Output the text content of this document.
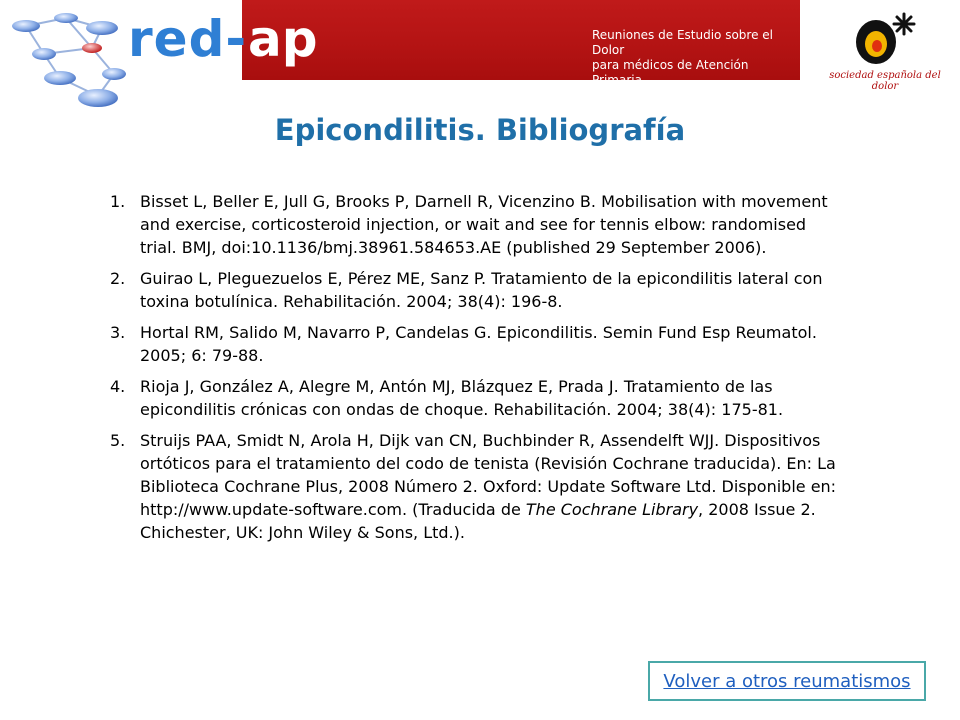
Reuniones de Estudio sobre el Dolor
para médicos de Atención Primaria
red- ap
sociedad española del dolor
Epicondilitis. Bibliografía
1. Bisset L, Beller E, Jull G, Brooks P, Darnell R, Vicenzino B. Mobilisation with movement and exercise, corticosteroid injection, or wait and see for tennis elbow: randomised trial. BMJ, doi:10.1136/bmj.38961.584653.AE (published 29 September 2006).
2. Guirao L, Pleguezuelos E, Pérez ME, Sanz P. Tratamiento de la epicondilitis lateral con toxina botulínica. Rehabilitación. 2004; 38(4): 196-8.
3. Hortal RM, Salido M, Navarro P, Candelas G. Epicondilitis. Semin Fund Esp Reumatol. 2005; 6: 79-88.
4. Rioja J, González A, Alegre M, Antón MJ, Blázquez E, Prada J. Tratamiento de las epicondilitis crónicas con ondas de choque. Rehabilitación. 2004; 38(4): 175-81.
5. Struijs PAA, Smidt N, Arola H, Dijk van CN, Buchbinder R, Assendelft WJJ. Dispositivos ortóticos para el tratamiento del codo de tenista (Revisión Cochrane traducida). En: La Biblioteca Cochrane Plus, 2008 Número 2. Oxford: Update Software Ltd. Disponible en: http://www.update-software.com. (Traducida de The Cochrane Library, 2008 Issue 2. Chichester, UK: John Wiley & Sons, Ltd.).
Volver a otros reumatismos
